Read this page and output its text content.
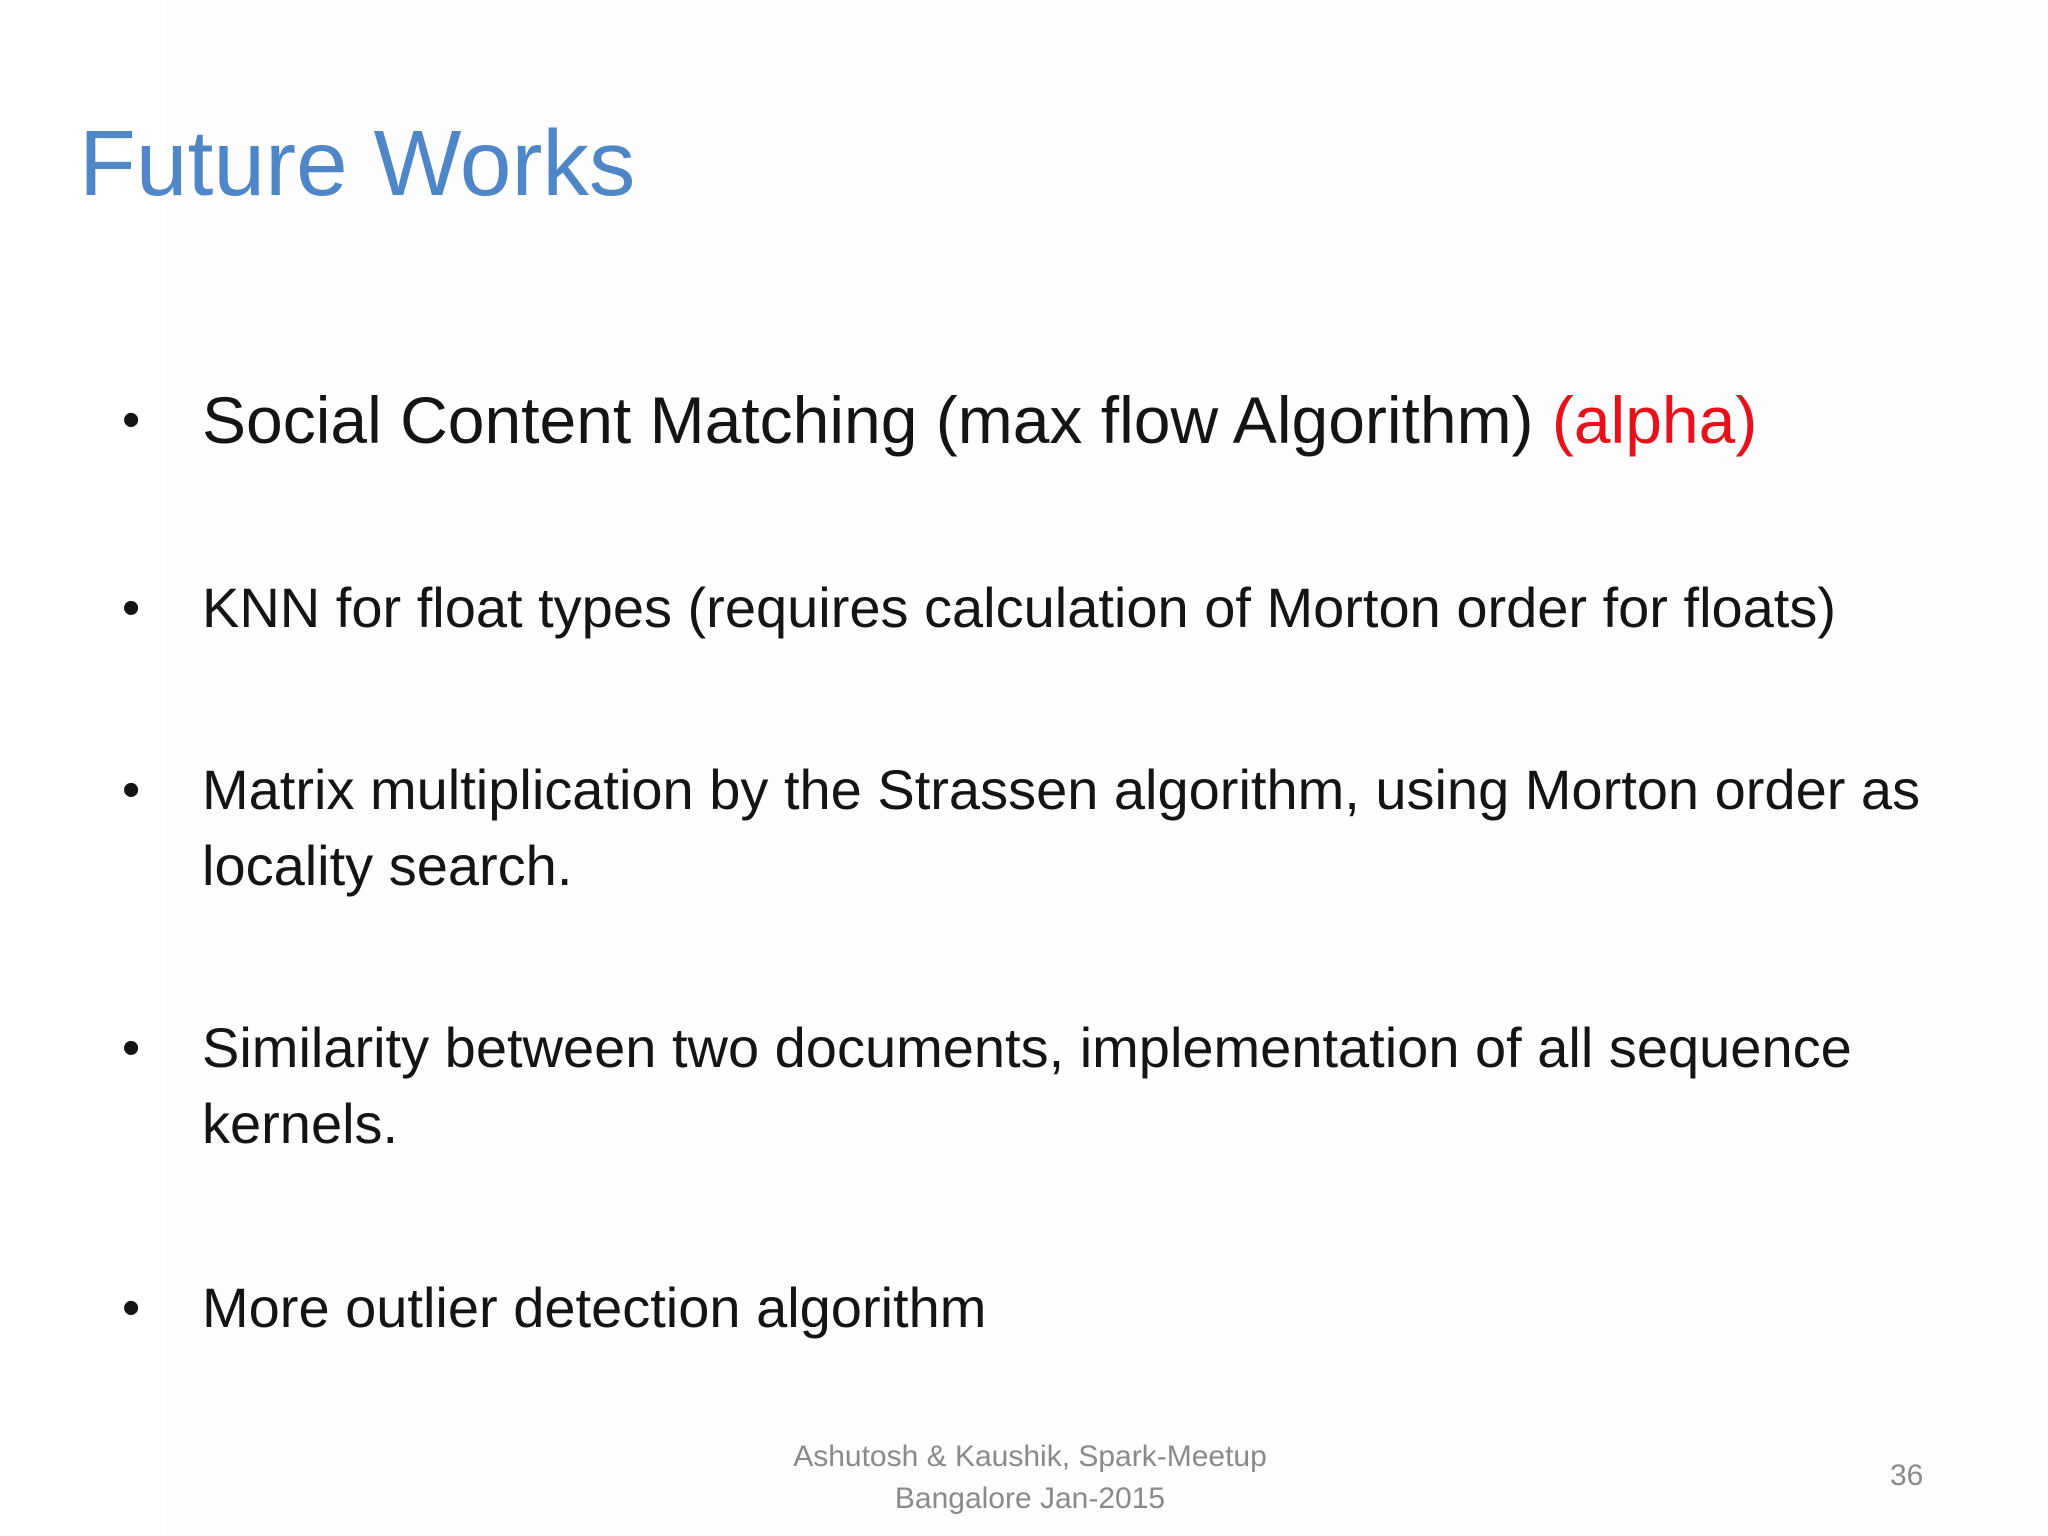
Future Works
• Social Content Matching (max flow Algorithm) (alpha)
•	KNN for float types (requires calculation of Morton order for floats)
•	Matrix multiplication by the Strassen algorithm, using Morton order as locality search.
•	Similarity between two documents, implementation of all sequence kernels.
•	More outlier detection algorithm
Ashutosh & Kaushik, Spark-Meetup
Bangalore Jan-2015
36
